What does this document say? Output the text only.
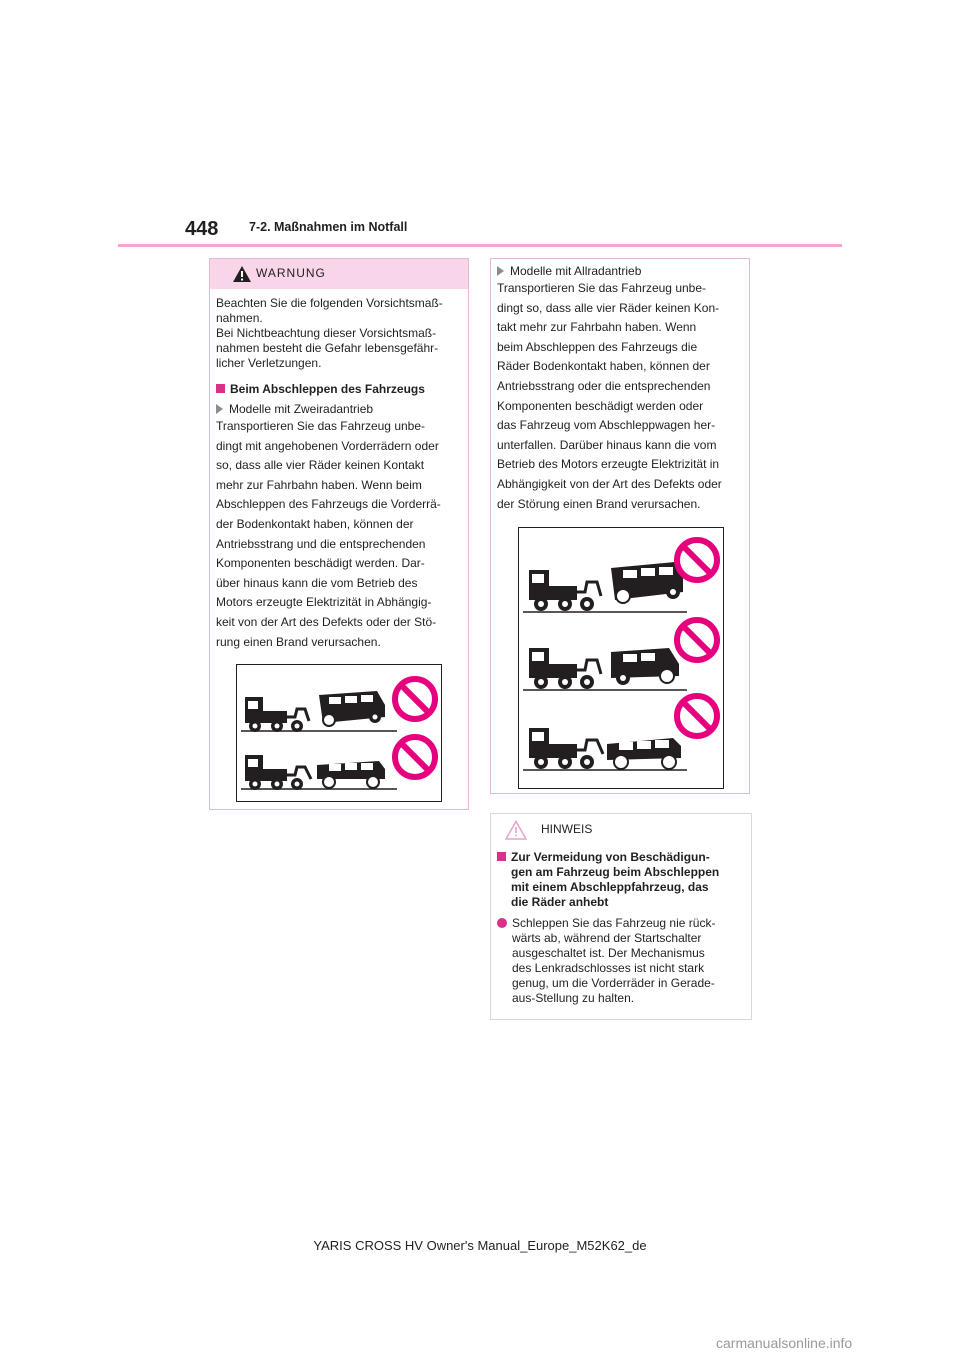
448 7-2. Maßnahmen im Notfall
WARNUNG
Beachten Sie die folgenden Vorsichtsmaß-
nahmen.
Bei Nichtbeachtung dieser Vorsichtsmaß-
nahmen besteht die Gefahr lebensgefähr-
licher Verletzungen.
Beim Abschleppen des Fahrzeugs
Modelle mit Zweiradantrieb
Transportieren Sie das Fahrzeug unbe-
dingt mit angehobenen Vorderrädern oder
so, dass alle vier Räder keinen Kontakt
mehr zur Fahrbahn haben. Wenn beim
Abschleppen des Fahrzeugs die Vorderrä-
der Bodenkontakt haben, können der
Antriebsstrang und die entsprechenden
Komponenten beschädigt werden. Dar-
über hinaus kann die vom Betrieb des
Motors erzeugte Elektrizität in Abhängig-
keit von der Art des Defekts oder der Stö-
rung einen Brand verursachen.
Modelle mit Allradantrieb
Transportieren Sie das Fahrzeug unbe-
dingt so, dass alle vier Räder keinen Kon-
takt mehr zur Fahrbahn haben. Wenn
beim Abschleppen des Fahrzeugs die
Räder Bodenkontakt haben, können der
Antriebsstrang oder die entsprechenden
Komponenten beschädigt werden oder
das Fahrzeug vom Abschleppwagen her-
unterfallen. Darüber hinaus kann die vom
Betrieb des Motors erzeugte Elektrizität in
Abhängigkeit von der Art des Defekts oder
der Störung einen Brand verursachen.
HINWEIS
Zur Vermeidung von Beschädigun-
gen am Fahrzeug beim Abschleppen
mit einem Abschleppfahrzeug, das
die Räder anhebt
Schleppen Sie das Fahrzeug nie rück-
wärts ab, während der Startschalter
ausgeschaltet ist. Der Mechanismus
des Lenkradschlosses ist nicht stark
genug, um die Vorderräder in Gerade-
aus-Stellung zu halten.
YARIS CROSS HV Owner's Manual_Europe_M52K62_de
carmanualsonline.info
